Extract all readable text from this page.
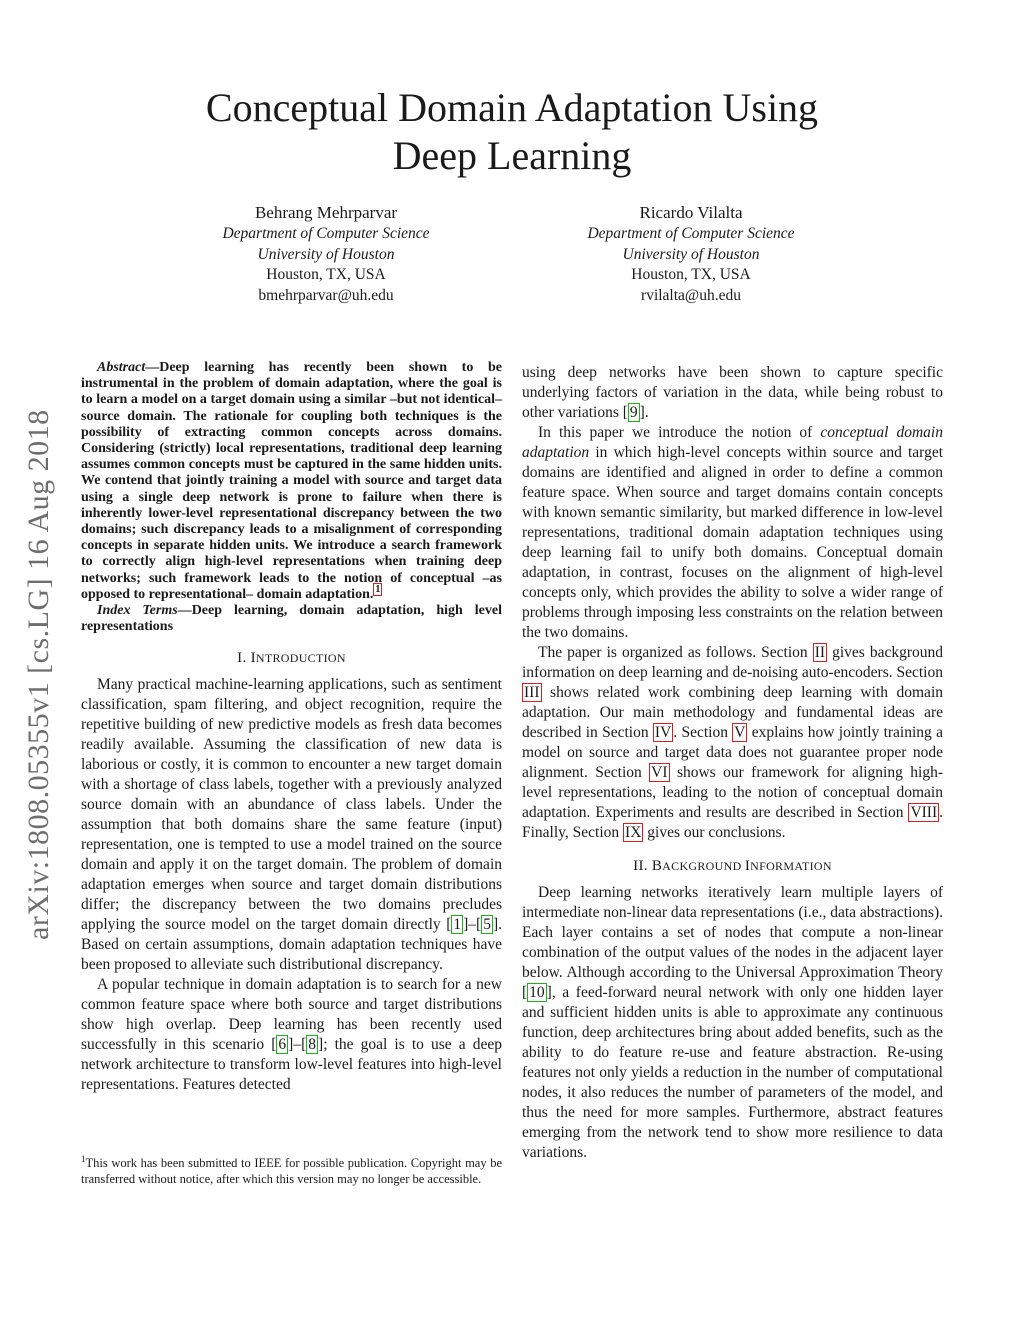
arXiv:1808.05355v1 [cs.LG] 16 Aug 2018
Conceptual Domain Adaptation Using
Deep Learning
Behrang Mehrparvar
Department of Computer Science
University of Houston
Houston, TX, USA
bmehrparvar@uh.edu
Ricardo Vilalta
Department of Computer Science
University of Houston
Houston, TX, USA
rvilalta@uh.edu

Abstract—Deep learning has recently been shown to be instrumental in the problem of domain adaptation, where the goal is to learn a model on a target domain using a similar –but not identical– source domain. The rationale for coupling both techniques is the possibility of extracting common concepts across domains. Considering (strictly) local representations, traditional deep learning assumes common concepts must be captured in the same hidden units. We contend that jointly training a model with source and target data using a single deep network is prone to failure when there is inherently lower-level representational discrepancy between the two domains; such discrepancy leads to a misalignment of corresponding concepts in separate hidden units. We introduce a search framework to correctly align high-level representations when training deep networks; such framework leads to the notion of conceptual –as opposed to representational– domain adaptation. $^1$

Index Terms—Deep learning, domain adaptation, high level representations

I. INTRODUCTION

Many practical machine-learning applications, such as sentiment classification, spam filtering, and object recognition, require the repetitive building of new predictive models as fresh data becomes readily available. Assuming the classification of new data is laborious or costly, it is common to encounter a new target domain with a shortage of class labels, together with a previously analyzed source domain with an abundance of class labels. Under the assumption that both domains share the same feature (input) representation, one is tempted to use a model trained on the source domain and apply it on the target domain. The problem of domain adaptation emerges when source and target domain distributions differ; the discrepancy between the two domains precludes applying the source model on the target domain directly [ 1 ]–[ 5 ]. Based on certain assumptions, domain adaptation techniques have been proposed to alleviate such distributional discrepancy.

A popular technique in domain adaptation is to search for a new common feature space where both source and target distributions show high overlap. Deep learning has been recently used successfully in this scenario [ 6 ]–[ 8 ]; the goal is to use a deep network architecture to transform low-level features into high-level representations. Features detected

using deep networks have been shown to capture specific underlying factors of variation in the data, while being robust to other variations [ 9 ].

In this paper we introduce the notion of conceptual domain adaptation in which high-level concepts within source and target domains are identified and aligned in order to define a common feature space. When source and target domains contain concepts with known semantic similarity, but marked difference in low-level representations, traditional domain adaptation techniques using deep learning fail to unify both domains. Conceptual domain adaptation, in contrast, focuses on the alignment of high-level concepts only, which provides the ability to solve a wider range of problems through imposing less constraints on the relation between the two domains.

The paper is organized as follows. Section II gives background information on deep learning and de-noising auto-encoders. Section III shows related work combining deep learning with domain adaptation. Our main methodology and fundamental ideas are described in Section IV . Section V explains how jointly training a model on source and target data does not guarantee proper node alignment. Section VI shows our framework for aligning high-level representations, leading to the notion of conceptual domain adaptation. Experiments and results are described in Section VIII . Finally, Section IX gives our conclusions.

II. BACKGROUND INFORMATION

Deep learning networks iteratively learn multiple layers of intermediate non-linear data representations (i.e., data abstractions). Each layer contains a set of nodes that compute a non-linear combination of the output values of the nodes in the adjacent layer below. Although according to the Universal Approximation Theory [ 10 ], a feed-forward neural network with only one hidden layer and sufficient hidden units is able to approximate any continuous function, deep architectures bring about added benefits, such as the ability to do feature re-use and feature abstraction. Re-using features not only yields a reduction in the number of computational nodes, it also reduces the number of parameters of the model, and thus the need for more samples. Furthermore, abstract features emerging from the network tend to show more resilience to data variations.

$^1$This work has been submitted to IEEE for possible publication. Copyright may be transferred without notice, after which this version may no longer be accessible.
